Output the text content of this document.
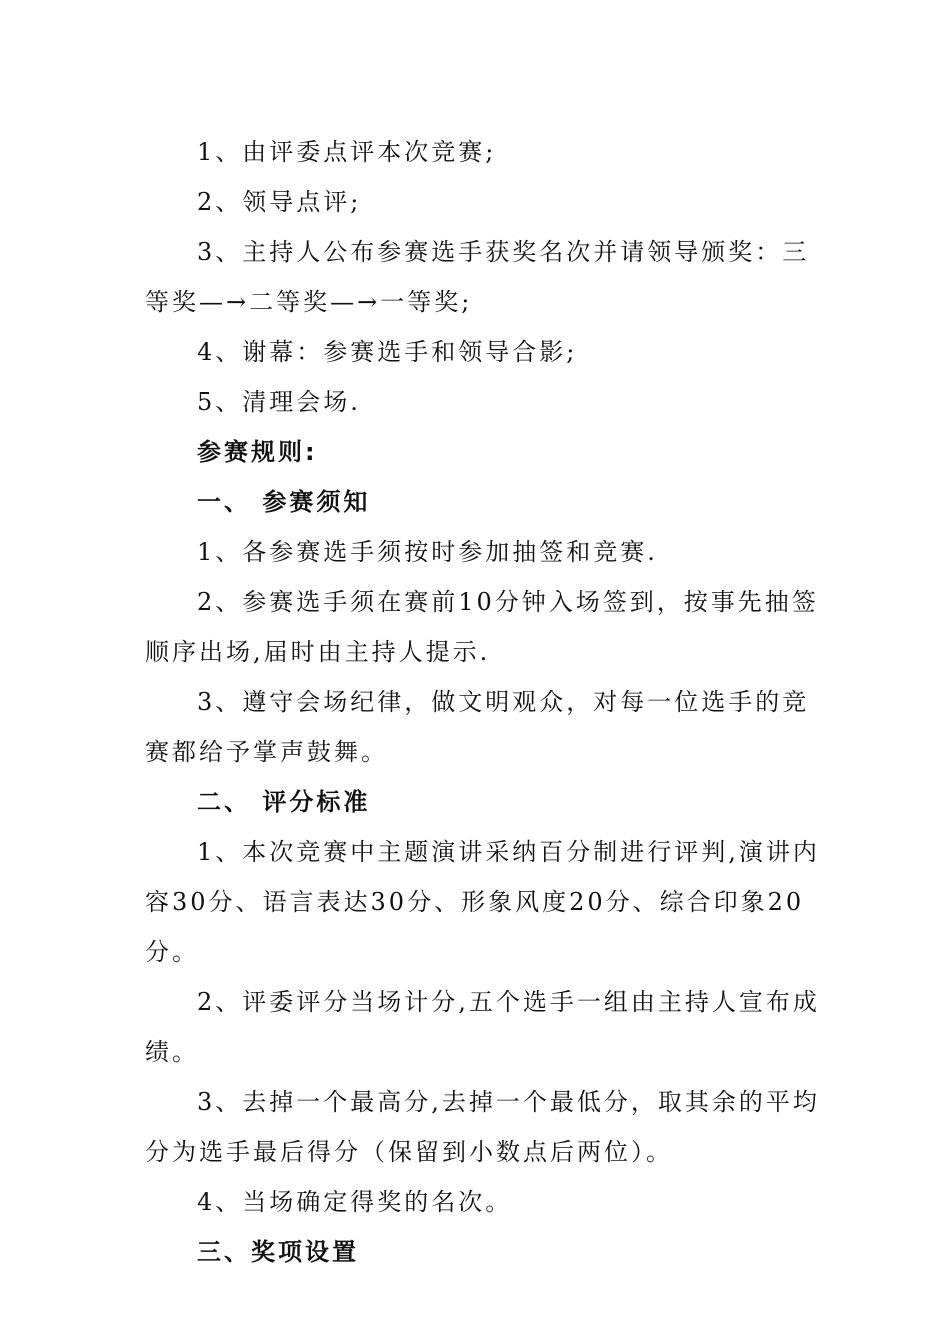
1、由评委点评本次竞赛;

2、领导点评;

3、主持人公布参赛选手获奖名次并请领导颁奖：三等奖—→二等奖—→一等奖;

4、谢幕：参赛选手和领导合影;

5、清理会场.

参赛规则:

一、 参赛须知

1、各参赛选手须按时参加抽签和竞赛.

2、参赛选手须在赛前10分钟入场签到，按事先抽签顺序出场,届时由主持人提示.

3、遵守会场纪律，做文明观众，对每一位选手的竞赛都给予掌声鼓舞。

二、 评分标准

1、本次竞赛中主题演讲采纳百分制进行评判,演讲内容30分、语言表达30分、形象风度20分、综合印象20分。

2、评委评分当场计分,五个选手一组由主持人宣布成绩。

3、去掉一个最高分,去掉一个最低分，取其余的平均分为选手最后得分（保留到小数点后两位）。

4、当场确定得奖的名次。

三、奖项设置
